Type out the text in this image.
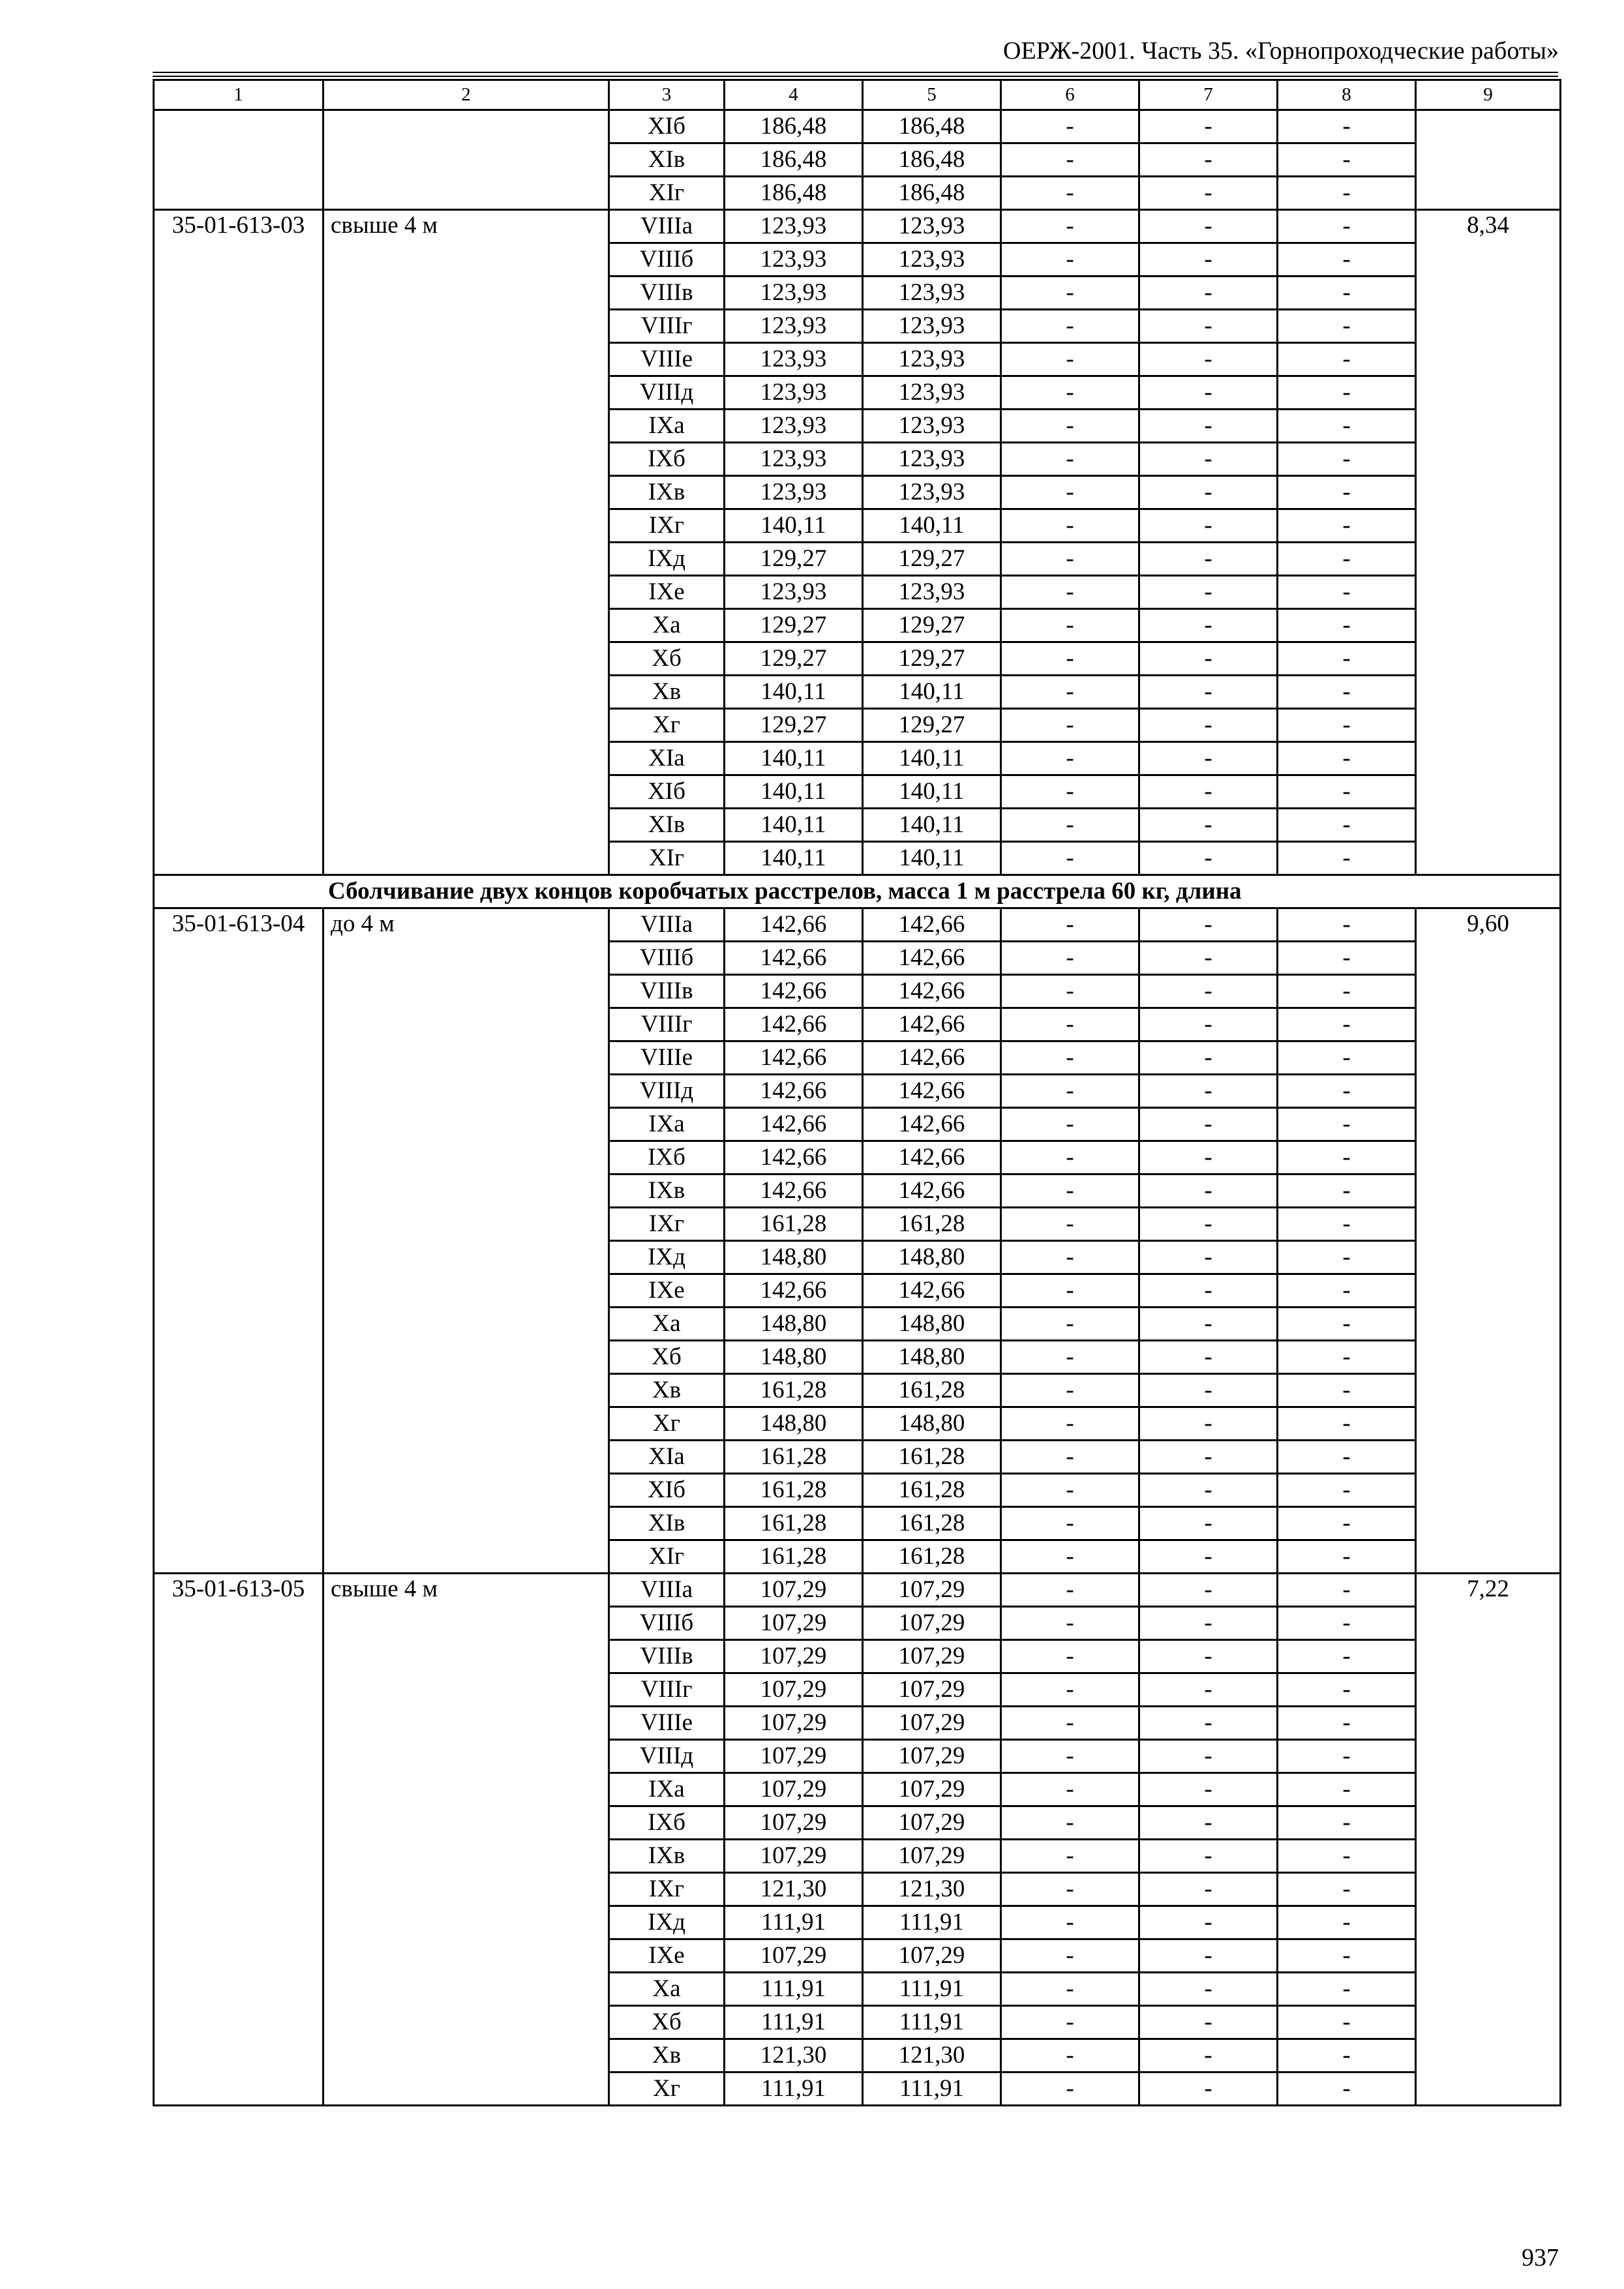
ОЕРЖ-2001. Часть 35. «Горнопроходческие работы»
1	2	3	4	5	6	7	8	9
		XIб	186,48	186,48	-	-	-	
		XIв	186,48	186,48	-	-	-	
		XIг	186,48	186,48	-	-	-	
35-01-613-03	свыше 4 м	VIIIа	123,93	123,93	-	-	-	8,34
		VIIIб	123,93	123,93	-	-	-	
		VIIIв	123,93	123,93	-	-	-	
		VIIIг	123,93	123,93	-	-	-	
		VIIIе	123,93	123,93	-	-	-	
		VIIIд	123,93	123,93	-	-	-	
		IXа	123,93	123,93	-	-	-	
		IXб	123,93	123,93	-	-	-	
		IXв	123,93	123,93	-	-	-	
		IXг	140,11	140,11	-	-	-	
		IXд	129,27	129,27	-	-	-	
		IXе	123,93	123,93	-	-	-	
		Xа	129,27	129,27	-	-	-	
		Xб	129,27	129,27	-	-	-	
		Xв	140,11	140,11	-	-	-	
		Xг	129,27	129,27	-	-	-	
		XIа	140,11	140,11	-	-	-	
		XIб	140,11	140,11	-	-	-	
		XIв	140,11	140,11	-	-	-	
		XIг	140,11	140,11	-	-	-	
Сболчивание двух концов коробчатых расстрелов, масса 1 м расстрела 60 кг, длина								
35-01-613-04	до 4 м	VIIIа	142,66	142,66	-	-	-	9,60
		VIIIб	142,66	142,66	-	-	-	
		VIIIв	142,66	142,66	-	-	-	
		VIIIг	142,66	142,66	-	-	-	
		VIIIе	142,66	142,66	-	-	-	
		VIIIд	142,66	142,66	-	-	-	
		IXа	142,66	142,66	-	-	-	
		IXб	142,66	142,66	-	-	-	
		IXв	142,66	142,66	-	-	-	
		IXг	161,28	161,28	-	-	-	
		IXд	148,80	148,80	-	-	-	
		IXе	142,66	142,66	-	-	-	
		Xа	148,80	148,80	-	-	-	
		Xб	148,80	148,80	-	-	-	
		Xв	161,28	161,28	-	-	-	
		Xг	148,80	148,80	-	-	-	
		XIа	161,28	161,28	-	-	-	
		XIб	161,28	161,28	-	-	-	
		XIв	161,28	161,28	-	-	-	
		XIг	161,28	161,28	-	-	-	
35-01-613-05	свыше 4 м	VIIIа	107,29	107,29	-	-	-	7,22
		VIIIб	107,29	107,29	-	-	-	
		VIIIв	107,29	107,29	-	-	-	
		VIIIг	107,29	107,29	-	-	-	
		VIIIе	107,29	107,29	-	-	-	
		VIIIд	107,29	107,29	-	-	-	
		IXа	107,29	107,29	-	-	-	
		IXб	107,29	107,29	-	-	-	
		IXв	107,29	107,29	-	-	-	
		IXг	121,30	121,30	-	-	-	
		IXд	111,91	111,91	-	-	-	
		IXе	107,29	107,29	-	-	-	
		Xа	111,91	111,91	-	-	-	
		Xб	111,91	111,91	-	-	-	
		Xв	121,30	121,30	-	-	-	
		Xг	111,91	111,91	-	-	-	
937
